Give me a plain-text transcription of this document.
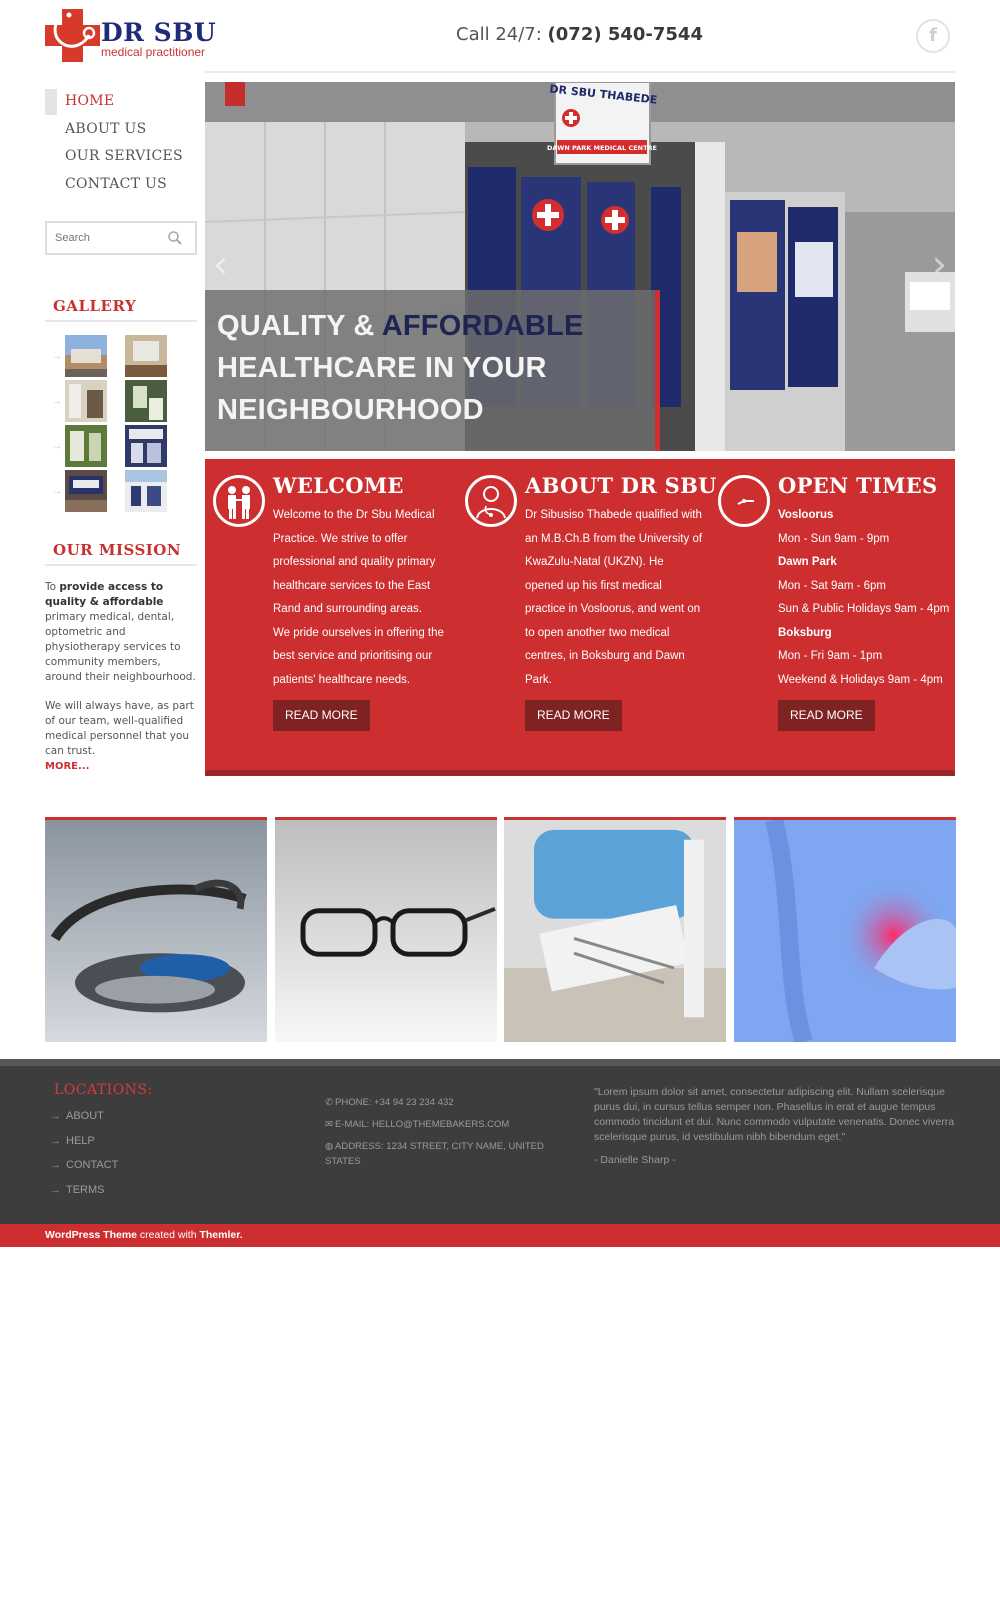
DR SBU
medical practitioner
Call 24/7: (072) 540-7544	f
HOME
ABOUT US
OUR SERVICES
CONTACT US
Search
GALLERY
→
→
→
→
OUR MISSION

To provide access to quality & affordable primary medical, dental, optometric and physiotherapy services to community members, around their neighbourhood.

We will always have, as part of our team, well-qualified medical personnel that you can trust.

MORE...
DR SBU THABEDE
DAWN PARK MEDICAL CENTRE
‹	›
QUALITY & AFFORDABLE
HEALTHCARE IN YOUR
NEIGHBOURHOOD
WELCOME
Welcome to the Dr Sbu Medical Practice. We strive to offer professional and quality primary healthcare services to the East Rand and surrounding areas.
We pride ourselves in offering the best service and prioritising our patients' healthcare needs.
READ MORE
ABOUT DR SBU
Dr Sibusiso Thabede qualified with an M.B.Ch.B from the University of KwaZulu-Natal (UKZN). He opened up his first medical practice in Vosloorus, and went on to open another two medical centres, in Boksburg and Dawn Park.
READ MORE
OPEN TIMES
Vosloorus
Mon - Sun 9am - 9pm
Dawn Park
Mon - Sat 9am - 6pm
Sun & Public Holidays 9am - 4pm
Boksburg
Mon - Fri 9am - 1pm
Weekend & Holidays 9am - 4pm
READ MORE
LOCATIONS:
→ ABOUT
→ HELP
→ CONTACT
→ TERMS
✆ PHONE: +34 94 23 234 432
✉ E-MAIL: HELLO@THEMEBAKERS.COM
◍ ADDRESS: 1234 STREET, CITY NAME, UNITED STATES
"Lorem ipsum dolor sit amet, consectetur adipiscing elit. Nullam scelerisque purus dui, in cursus tellus semper non. Phasellus in erat et augue tempus commodo tincidunt et dui. Nunc commodo vulputate venenatis. Donec viverra scelerisque purus, id vestibulum nibh bibendum eget."
- Danielle Sharp -
WordPress Theme created with Themler.
